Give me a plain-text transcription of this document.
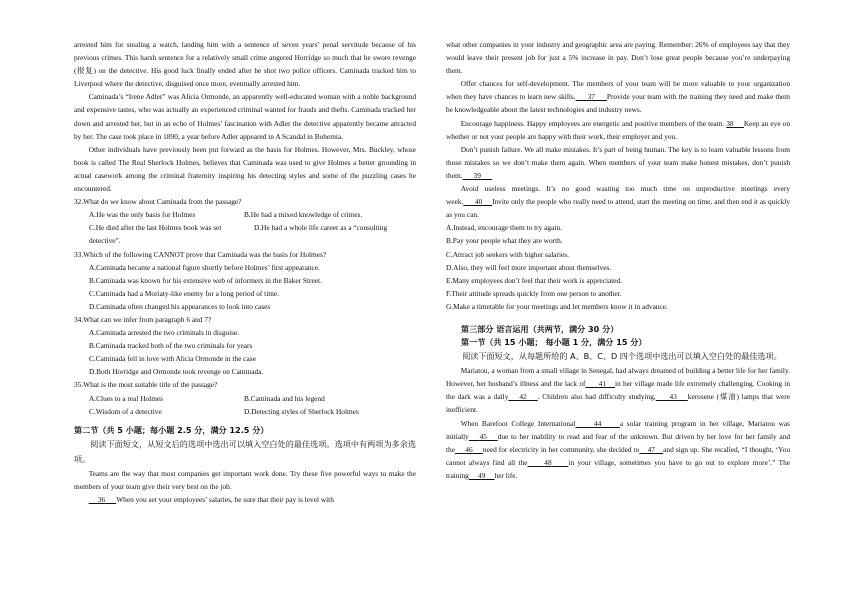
arrested him for stealing a watch, landing him with a sentence of seven years’ penal servitude because of his previous crimes. This harsh sentence for a relatively small crime angered Horridge so much that he swore revenge (报复) on the detective. His good luck finally ended after he shot two police officers. Caminada tracked him to Liverpool where the detective, disguised once more, eventually arrested him.

Caminada’s “Irene Adler” was Alicia Ormonde, an apparently well-educated woman with a noble background and expensive tastes, who was actually an experienced criminal wanted for frauds and thefts. Caminada tracked her down and arrested her, but in an echo of Holmes’ fascination with Adler the detective apparently became attracted by her. The case took place in 1890, a year before Adler appeared in A Scandal in Bohemia.

Other individuals have previously been put forward as the basis for Holmes. However, Mrs. Buckley, whose book is called The Real Sherlock Holmes, believes that Caminada was used to give Holmes a better grounding in actual casework among the criminal fraternity inspiring his detecting styles and some of the puzzling cases he encountered.

32.What do we know about Caminada from the passage?

A.He was the only basis for Holmes	B.He had a mixed knowledge of crimes.
C.He died after the last Holmes book was set	D.He had a whole life career as a “consulting

detective”.

33.Which of the following CANNOT prove that Caminada was the basis for Holmes?

A.Caminada became a national figure shortly before Holmes’ first appearance.

B.Caminada was known for his extensive web of informers in the Baker Street.

C.Caminada had a Moriaty-like enemy for a long period of time.

D.Caminada often changed his appearances to look into cases

34.What can we infer from paragraph 6 and 7?

A.Caminada arrested the two criminals in disguise.

B.Caminada tracked both of the two criminals for years

C.Caminada fell in love with Alicia Ormonde in the case

D.Both Horridge and Ormonde took revenge on Caminada.

35.What is the most suitable title of the passage?

A.Clues to a real Holmes	B.Caminada and his legend
C.Wisdom of a detective	D.Detecting styles of Sherlock Holmes

第二节（共 5 小题；每小题 2.5 分，满分 12.5 分）

阅读下面短文，从短文后的选项中选出可以填入空白处的最佳选项。选项中有两项为多余选项。

Teams are the way that most companies get important work done. Try these five powerful ways to make the members of your team give their very best on the job.

36 When you set your employees’ salaries, be sure that their pay is level with

what other companies in your industry and geographic area are paying. Remember: 26% of employees say that they would leave their present job for just a 5% increase in pay. Don’t lose great people because you’re underpaying them.

Offer chances for self-development. The members of your team will be more valuable to your organization when they have chances to learn new skills. 37 Provide your team with the training they need and make them be knowledgeable about the latest technologies and industry news.

Encourage happiness. Happy employees are energetic and positive members of the team. 38 Keep an eye on whether or not your people are happy with their work, their employer and you.

Don’t punish failure. We all make mistakes. It’s part of being human. The key is to learn valuable lessons from those mistakes so we don’t make them again. When members of your team make honest mistakes, don’t punish them. 39

Avoid useless meetings. It’s no good wasting too much time on unproductive meetings every week. 40 Invite only the people who really need to attend, start the meeting on time, and then end it as quickly as you can.

A.Instead, encourage them to try again.

B.Pay your people what they are worth.

C.Attract job seekers with higher salaries.

D.Also, they will feel more important about themselves.

E.Many employees don’t feel that their work is appreciated.

F.Their attitude spreads quickly from one person to another.

G.Make a timetable for your meetings and let members know it in advance.

第三部分 语言运用（共两节，满分 30 分）

第一节（共 15 小题； 每小题 1 分，满分 15 分）

阅读下面短文，从每题所给的 A、B、C、D 四个选项中选出可以填入空白处的最佳选项。

Mariatou, a woman from a small village in Senegal, had always dreamed of building a better life for her family. However, her husband’s illness and the lack of 41 in her village made life extremely challenging. Cooking in the dark was a daily 42 . Children also had difficulty studying, 43 kerosene (煤油) lamps that were inefficient.

When Barefoot College International	44	a solar training program in her village, Mariatou was initially 45 due to her inability to read and fear of the unknown. But driven by her love for her family and the 46 need for electricity in her community, she decided to 47 and sign up. She recalled, “I thought, ‘You cannot always find all the 48 in your village, sometimes you have to go out to explore more’.” The training 49 her life.
